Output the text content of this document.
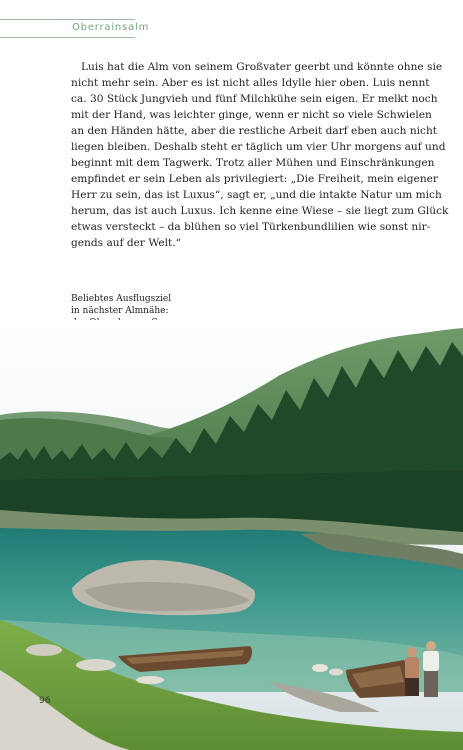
Oberrainsalm
Luis hat die Alm von seinem Großvater geerbt und könnte ohne sie
nicht mehr sein. Aber es ist nicht alles Idylle hier oben. Luis nennt
ca. 30 Stück Jungvieh und fünf Milchkühe sein eigen. Er melkt noch
mit der Hand, was leichter ginge, wenn er nicht so viele Schwielen
an den Händen hätte, aber die restliche Arbeit darf eben auch nicht
liegen bleiben. Deshalb steht er täglich um vier Uhr morgens auf und
beginnt mit dem Tagwerk. Trotz aller Mühen und Einschränkungen
empfindet er sein Leben als privilegiert: „Die Freiheit, mein eigener
Herr zu sein, das ist Luxus“, sagt er, „und die intakte Natur um mich
herum, das ist auch Luxus. Ich kenne eine Wiese – sie liegt zum Glück
etwas versteckt – da blühen so viel Türkenbundlilien wie sonst nir-
gends auf der Welt.“
Beliebtes Ausflugsziel
in nächster Almnähe:
96
